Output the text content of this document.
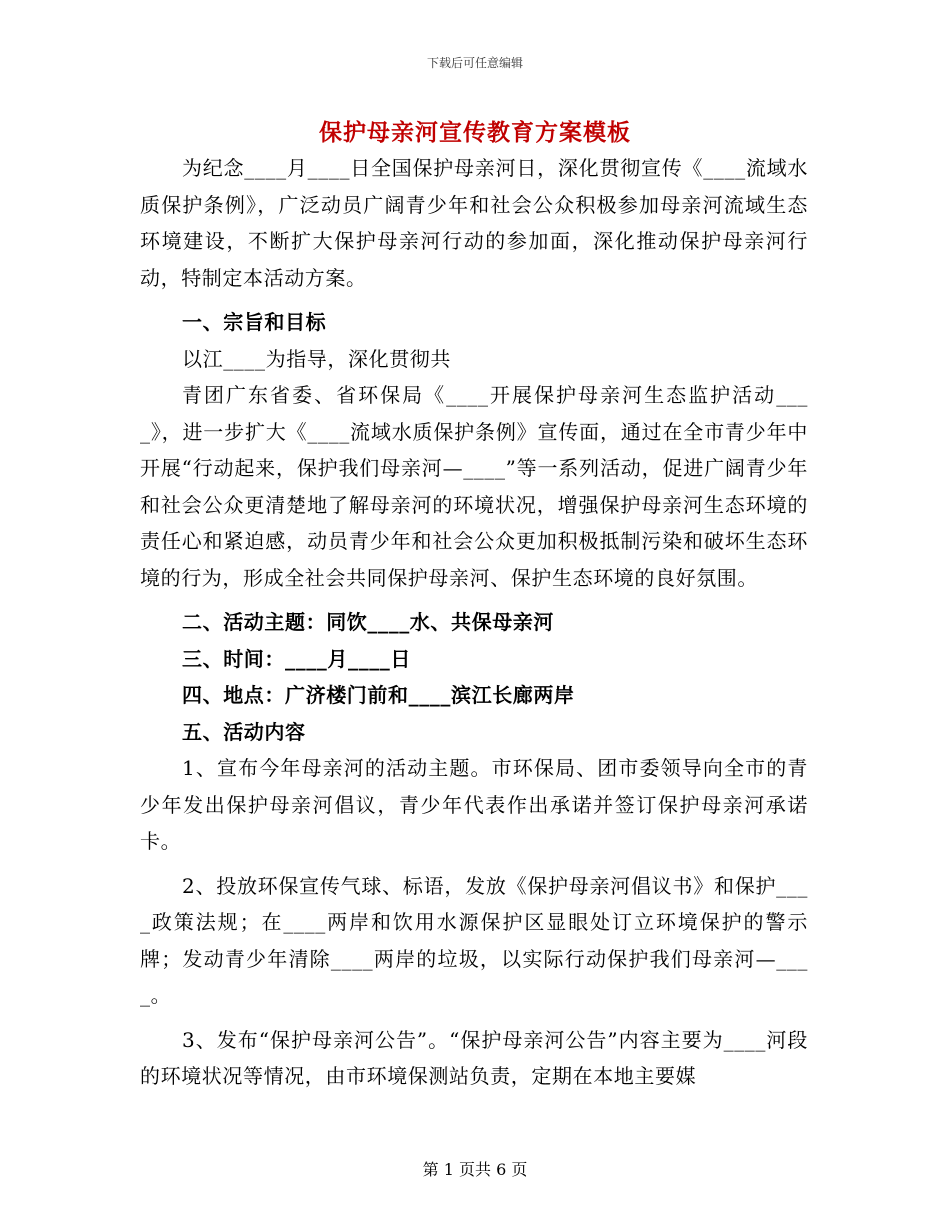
下载后可任意编辑
保护母亲河宣传教育方案模板

为纪念____月____日全国保护母亲河日，深化贯彻宣传《____流域水质保护条例》，广泛动员广阔青少年和社会公众积极参加母亲河流域生态环境建设，不断扩大保护母亲河行动的参加面，深化推动保护母亲河行动，特制定本活动方案。

一、宗旨和目标

以江____为指导，深化贯彻共

青团广东省委、省环保局《____开展保护母亲河生态监护活动____》，进一步扩大《____流域水质保护条例》宣传面，通过在全市青少年中开展“行动起来，保护我们母亲河—____”等一系列活动，促进广阔青少年和社会公众更清楚地了解母亲河的环境状况，增强保护母亲河生态环境的责任心和紧迫感，动员青少年和社会公众更加积极抵制污染和破坏生态环境的行为，形成全社会共同保护母亲河、保护生态环境的良好氛围。

二、活动主题：同饮____水、共保母亲河

三、时间：____月____日

四、地点：广济楼门前和____滨江长廊两岸

五、活动内容

1、宣布今年母亲河的活动主题。市环保局、团市委领导向全市的青少年发出保护母亲河倡议，青少年代表作出承诺并签订保护母亲河承诺卡。

2、投放环保宣传气球、标语，发放《保护母亲河倡议书》和保护____政策法规；在____两岸和饮用水源保护区显眼处订立环境保护的警示牌；发动青少年清除____两岸的垃圾，以实际行动保护我们母亲河—____。

3、发布“保护母亲河公告”。“保护母亲河公告”内容主要为____河段的环境状况等情况，由市环境保测站负责，定期在本地主要媒

第 1 页共 6 页
